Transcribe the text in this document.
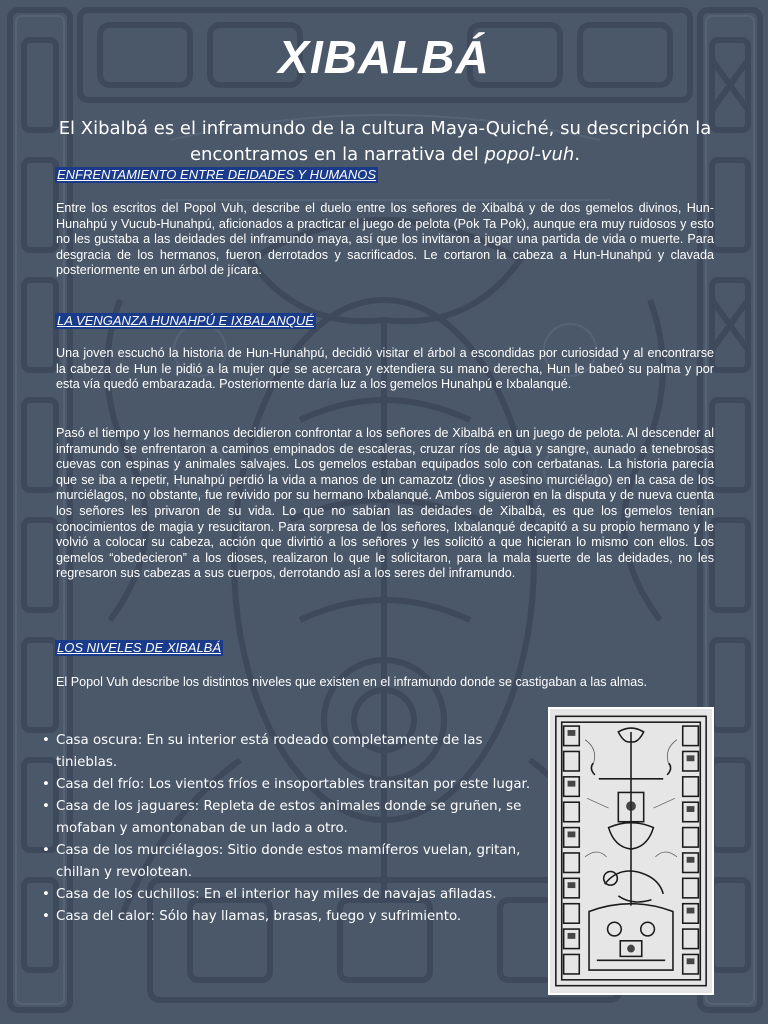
XIBALBÁ
El Xibalbá es el inframundo de la cultura Maya-Quiché, su descripción la encontramos en la narrativa del popol-vuh.
ENFRENTAMIENTO ENTRE DEIDADES Y HUMANOS
Entre los escritos del Popol Vuh, describe el duelo entre los señores de Xibalbá y de dos gemelos divinos, Hun-Hunahpú y Vucub-Hunahpú, aficionados a practicar el juego de pelota (Pok Ta Pok), aunque era muy ruidosos y esto no les gustaba a las deidades del inframundo maya, así que los invitaron a jugar una partida de vida o muerte. Para desgracia de los hermanos, fueron derrotados y sacrificados. Le cortaron la cabeza a Hun-Hunahpú y clavada posteriormente en un árbol de jícara.
LA VENGANZA HUNAHPÚ E IXBALANQUÉ
Una joven escuchó la historia de Hun-Hunahpú, decidió visitar el árbol a escondidas por curiosidad y al encontrarse la cabeza de Hun le pidió a la mujer que se acercara y extendiera su mano derecha, Hun le babeó su palma y por esta vía quedó embarazada. Posteriormente daría luz a los gemelos Hunahpú e Ixbalanqué.
Pasó el tiempo y los hermanos decidieron confrontar a los señores de Xibalbá en un juego de pelota. Al descender al inframundo se enfrentaron a caminos empinados de escaleras, cruzar ríos de agua y sangre, aunado a tenebrosas cuevas con espinas y animales salvajes. Los gemelos estaban equipados solo con cerbatanas. La historia parecía que se iba a repetir, Hunahpú perdió la vida a manos de un camazotz (dios y asesino murciélago) en la casa de los murciélagos, no obstante, fue revivido por su hermano Ixbalanqué. Ambos siguieron en la disputa y de nueva cuenta los señores les privaron de su vida. Lo que no sabían las deidades de Xibalbá, es que los gemelos tenían conocimientos de magia y resucitaron. Para sorpresa de los señores, Ixbalanqué decapitó a su propio hermano y le volvió a colocar su cabeza, acción que divirtió a los señores y les solicitó a que hicieran lo mismo con ellos. Los gemelos “obedecieron” a los dioses, realizaron lo que le solicitaron, para la mala suerte de las deidades, no les regresaron sus cabezas a sus cuerpos, derrotando así a los seres del inframundo.
LOS NIVELES DE XIBALBÁ
El Popol Vuh describe los distintos niveles que existen en el inframundo donde se castigaban a las almas.
• Casa oscura: En su interior está rodeado completamente de las tinieblas.
• Casa del frío: Los vientos fríos e insoportables transitan por este lugar.
• Casa de los jaguares: Repleta de estos animales donde se gruñen, se mofaban y amontonaban de un lado a otro.
• Casa de los murciélagos: Sitio donde estos mamíferos vuelan, gritan, chillan y revolotean.
• Casa de los cuchillos: En el interior hay miles de navajas afiladas.
• Casa del calor: Sólo hay llamas, brasas, fuego y sufrimiento.
